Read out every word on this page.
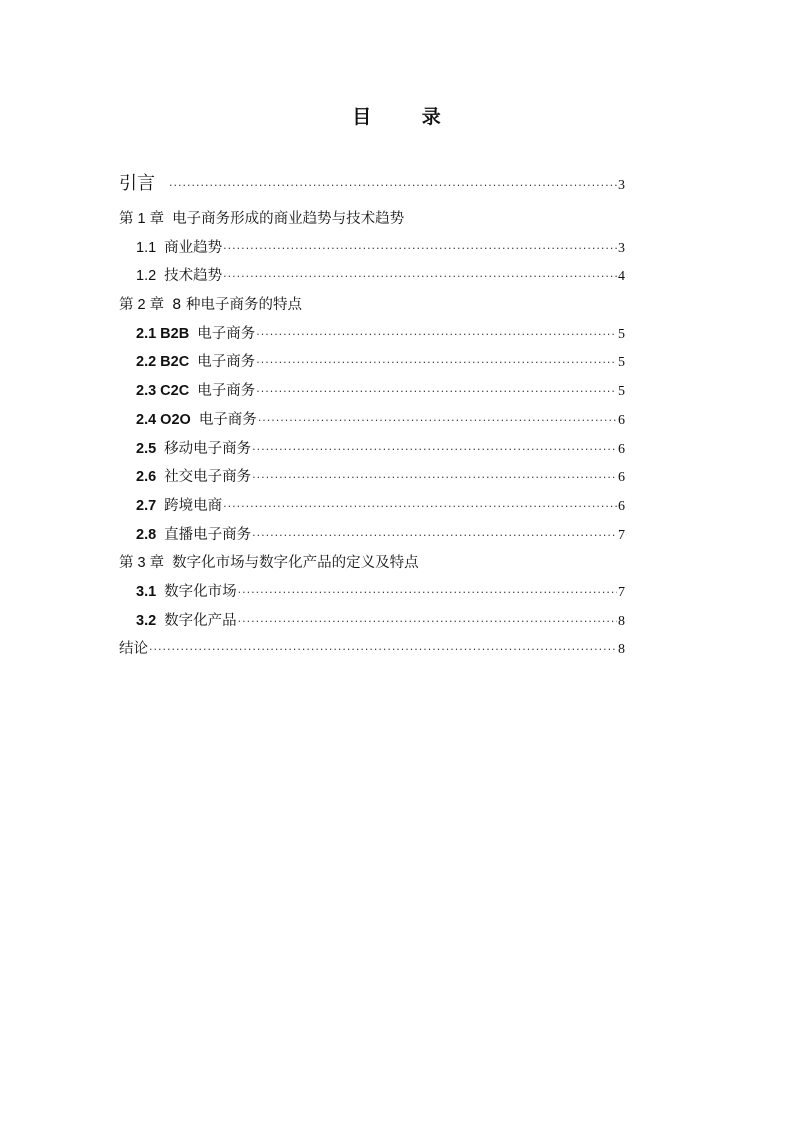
目 录
引言 ·····	3
第 1 章 电子商务形成的商业趋势与技术趋势
1.1 商业趋势 ·····	3
1.2 技术趋势 ·····	4
第 2 章 8 种电子商务的特点
2.1 B2B 电子商务 ·····	5
2.2 B2C 电子商务 ·····	5
2.3 C2C 电子商务 ·····	5
2.4 O2O 电子商务 ·····	6
2.5 移动电子商务 ·····	6
2.6 社交电子商务 ·····	6
2.7 跨境电商 ·····	6
2.8 直播电子商务 ·····	7
第 3 章 数字化市场与数字化产品的定义及特点
3.1 数字化市场 ·····	7
3.2 数字化产品 ·····	8
结论 ·····	8
